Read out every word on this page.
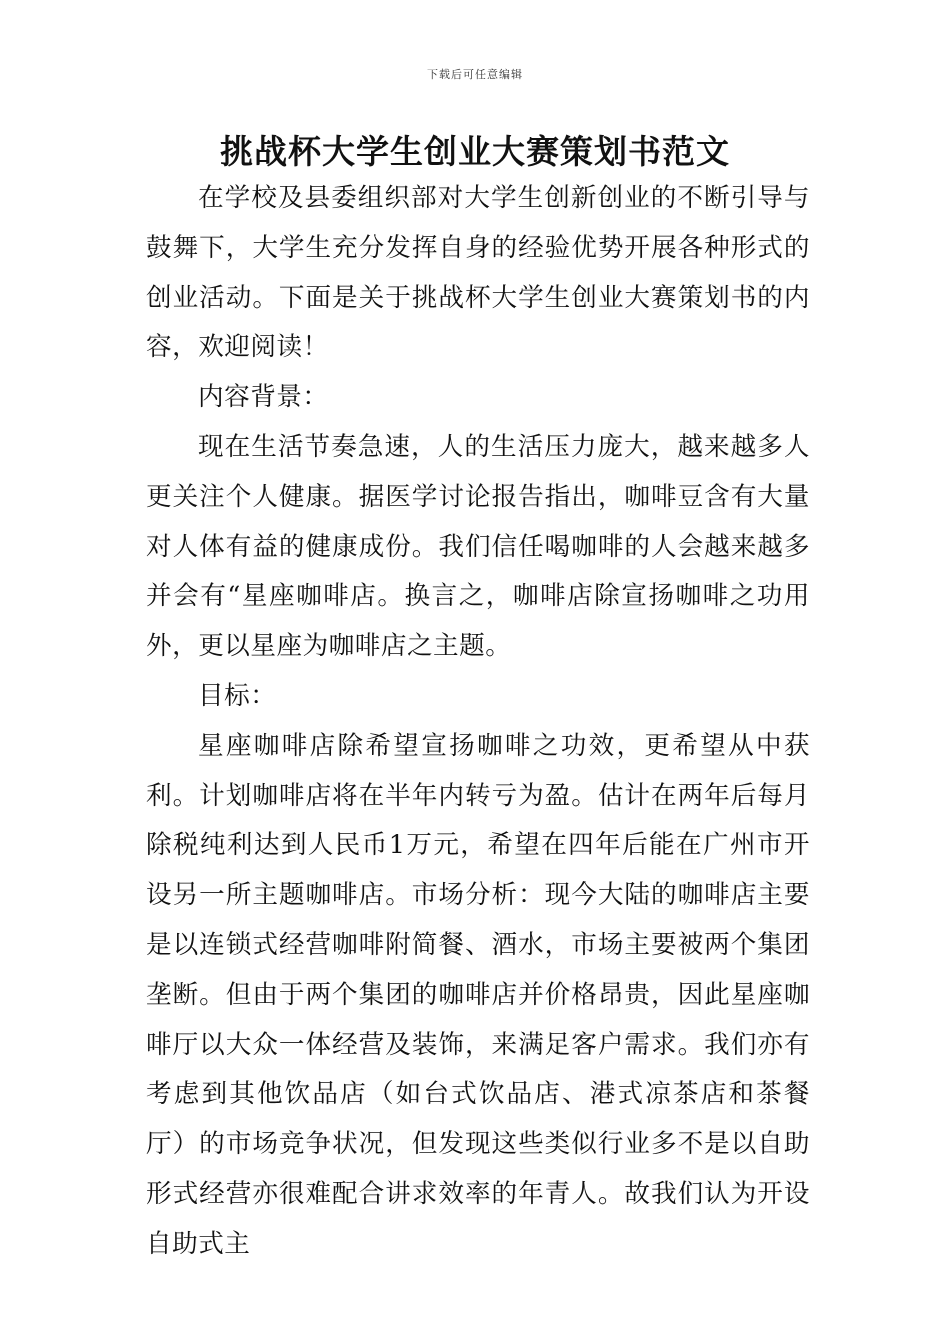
下载后可任意编辑
挑战杯大学生创业大赛策划书范文

在学校及县委组织部对大学生创新创业的不断引导与鼓舞下，大学生充分发挥自身的经验优势开展各种形式的创业活动。下面是关于挑战杯大学生创业大赛策划书的内容，欢迎阅读！

内容背景：

现在生活节奏急速，人的生活压力庞大，越来越多人更关注个人健康。据医学讨论报告指出，咖啡豆含有大量对人体有益的健康成份。我们信任喝咖啡的人会越来越多并会有“星座咖啡店。换言之，咖啡店除宣扬咖啡之功用外，更以星座为咖啡店之主题。

目标：

星座咖啡店除希望宣扬咖啡之功效，更希望从中获利。计划咖啡店将在半年内转亏为盈。估计在两年后每月除税纯利达到人民币1万元，希望在四年后能在广州市开设另一所主题咖啡店。市场分析：现今大陆的咖啡店主要是以连锁式经营咖啡附简餐、酒水，市场主要被两个集团垄断。但由于两个集团的咖啡店并价格昂贵，因此星座咖啡厅以大众一体经营及装饰，来满足客户需求。我们亦有考虑到其他饮品店（如台式饮品店、港式凉茶店和茶餐厅）的市场竞争状况，但发现这些类似行业多不是以自助形式经营亦很难配合讲求效率的年青人。故我们认为开设自助式主
